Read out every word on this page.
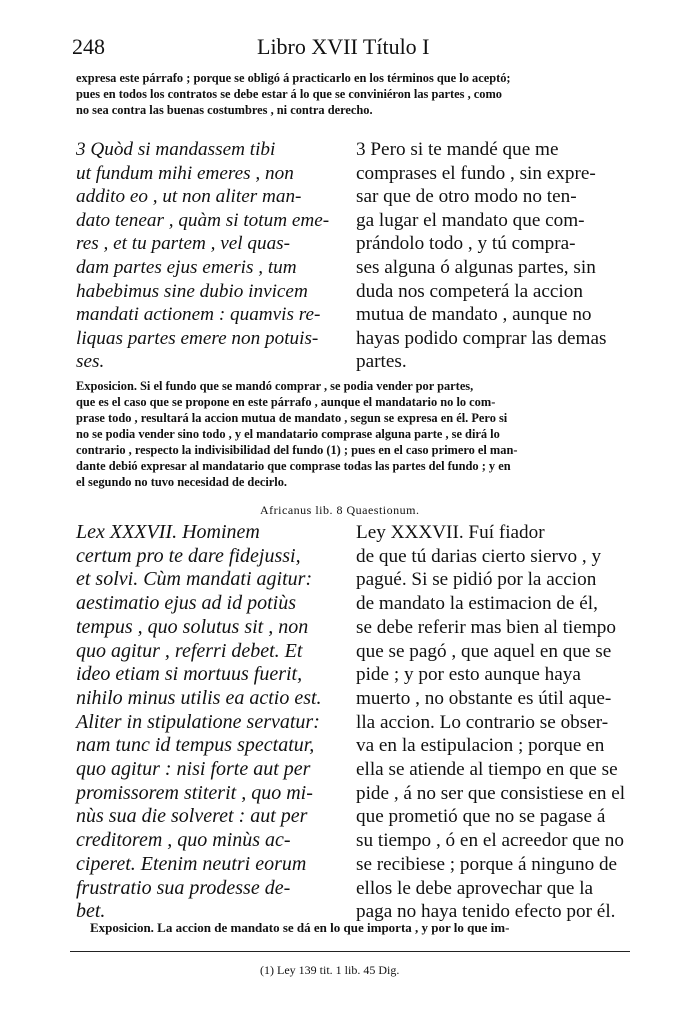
248	Libro XVII Título I
expresa este párrafo ; porque se obligó á practicarlo en los términos que lo aceptó;
pues en todos los contratos se debe estar á lo que se conviniéron las partes , como
no sea contra las buenas costumbres , ni contra derecho.
3 Quòd si mandassem tibi
ut fundum mihi emeres , non
addito eo , ut non aliter man-
dato tenear , quàm si totum eme-
res , et tu partem , vel quas-
dam partes ejus emeris , tum
habebimus sine dubio invicem
mandati actionem : quamvis re-
liquas partes emere non potuis-
ses.
3 Pero si te mandé que me
comprases el fundo , sin expre-
sar que de otro modo no ten-
ga lugar el mandato que com-
prándolo todo , y tú compra-
ses alguna ó algunas partes, sin
duda nos competerá la accion
mutua de mandato , aunque no
hayas podido comprar las demas
partes.
Exposicion. Si el fundo que se mandó comprar , se podia vender por partes,
que es el caso que se propone en este párrafo , aunque el mandatario no lo com-
prase todo , resultará la accion mutua de mandato , segun se expresa en él. Pero si
no se podia vender sino todo , y el mandatario comprase alguna parte , se dirá lo
contrario , respecto la indivisibilidad del fundo (1) ; pues en el caso primero el man-
dante debió expresar al mandatario que comprase todas las partes del fundo ; y en
el segundo no tuvo necesidad de decirlo.
Africanus lib. 8 Quaestionum.
Lex XXXVII. Hominem
certum pro te dare fidejussi,
et solvi. Cùm mandati agitur:
aestimatio ejus ad id potiùs
tempus , quo solutus sit , non
quo agitur , referri debet. Et
ideo etiam si mortuus fuerit,
nihilo minus utilis ea actio est.
Aliter in stipulatione servatur:
nam tunc id tempus spectatur,
quo agitur : nisi forte aut per
promissorem stiterit , quo mi-
nùs sua die solveret : aut per
creditorem , quo minùs ac-
ciperet. Etenim neutri eorum
frustratio sua prodesse de-
bet.
Ley XXXVII. Fuí fiador
de que tú darias cierto siervo , y
pagué. Si se pidió por la accion
de mandato la estimacion de él,
se debe referir mas bien al tiempo
que se pagó , que aquel en que se
pide ; y por esto aunque haya
muerto , no obstante es útil aque-
lla accion. Lo contrario se obser-
va en la estipulacion ; porque en
ella se atiende al tiempo en que se
pide , á no ser que consistiese en el
que prometió que no se pagase á
su tiempo , ó en el acreedor que no
se recibiese ; porque á ninguno de
ellos le debe aprovechar que la
paga no haya tenido efecto por él.
Exposicion. La accion de mandato se dá en lo que importa , y por lo que im-
(1) Ley 139 tit. 1 lib. 45 Dig.
